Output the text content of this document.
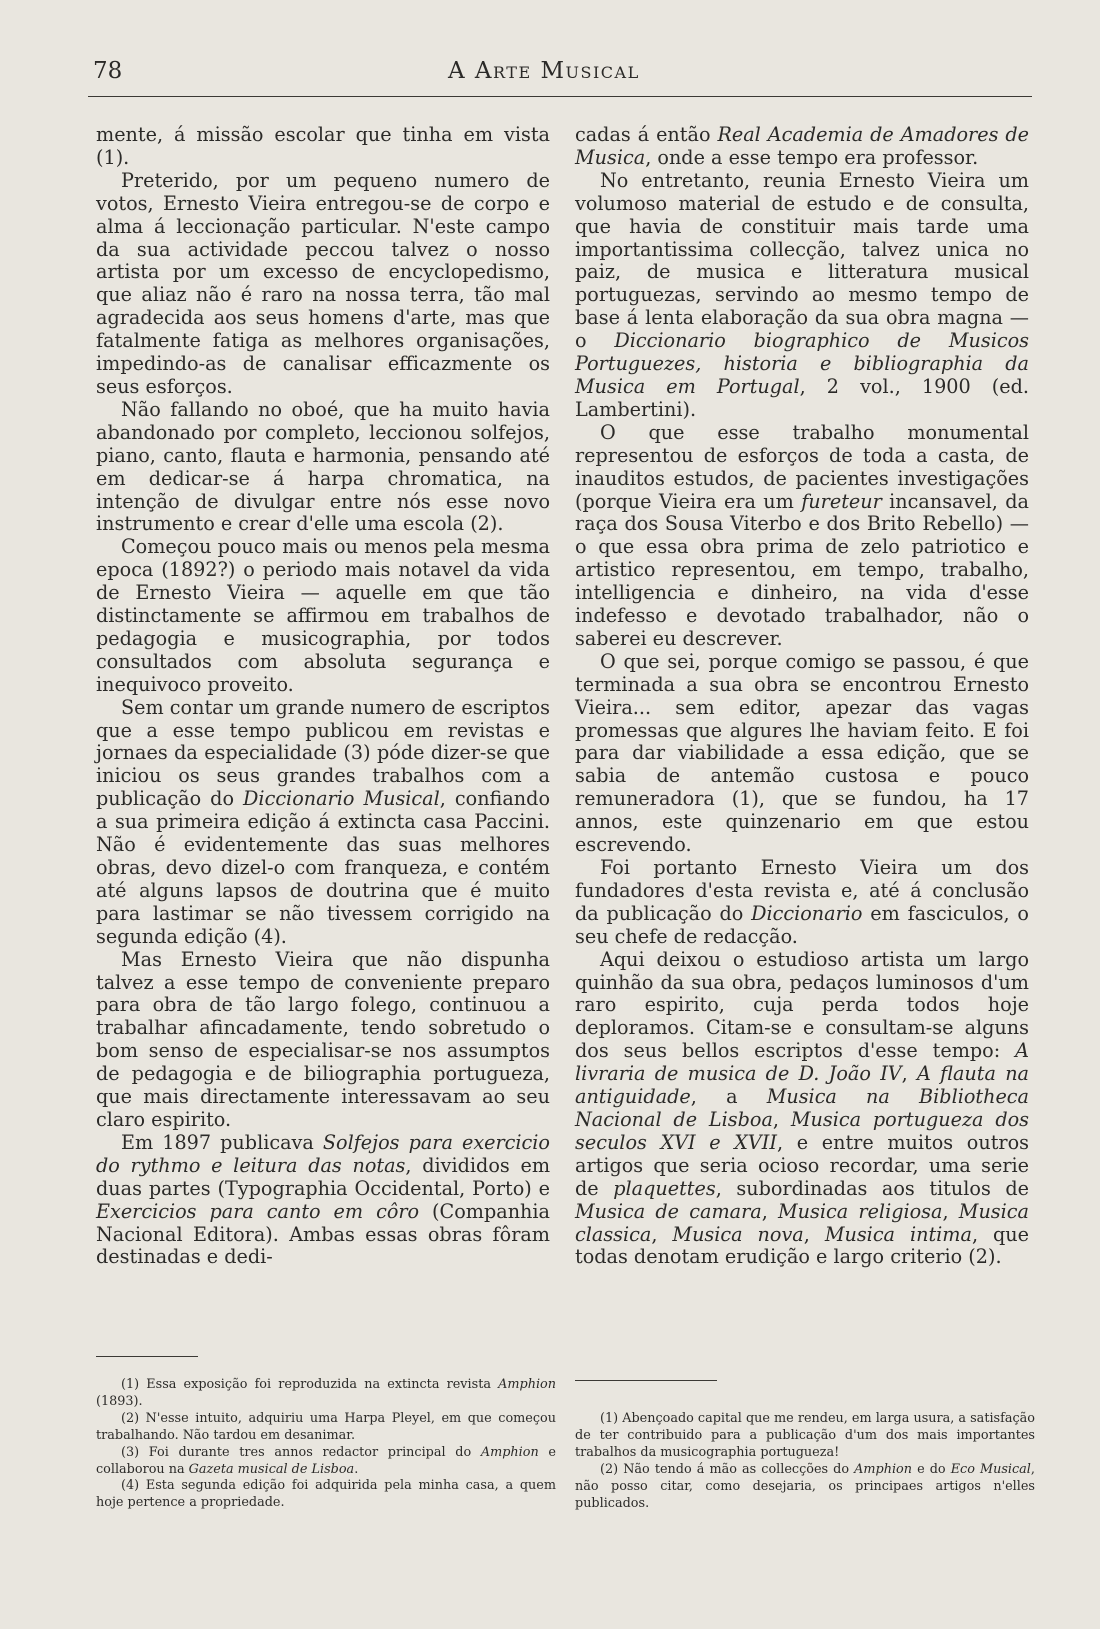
78	A Arte Musical

mente, á missão escolar que tinha em vista (1).

Preterido, por um pequeno numero de votos, Ernesto Vieira entregou-se de corpo e alma á leccionação particular. N'este campo da sua actividade peccou talvez o nosso artista por um excesso de encyclopedismo, que aliaz não é raro na nossa terra, tão mal agradecida aos seus homens d'arte, mas que fatalmente fatiga as melhores organisações, impedindo-as de canalisar efficazmente os seus esforços.

Não fallando no oboé, que ha muito havia abandonado por completo, leccionou solfejos, piano, canto, flauta e harmonia, pensando até em dedicar-se á harpa chromatica, na intenção de divulgar entre nós esse novo instrumento e crear d'elle uma escola (2).

Começou pouco mais ou menos pela mesma epoca (1892?) o periodo mais notavel da vida de Ernesto Vieira — aquelle em que tão distinctamente se affirmou em trabalhos de pedagogia e musicographia, por todos consultados com absoluta segurança e inequivoco proveito.

Sem contar um grande numero de escriptos que a esse tempo publicou em revistas e jornaes da especialidade (3) póde dizer-se que iniciou os seus grandes trabalhos com a publicação do Diccionario Musical, confiando a sua primeira edição á extincta casa Paccini. Não é evidentemente das suas melhores obras, devo dizel-o com franqueza, e contém até alguns lapsos de doutrina que é muito para lastimar se não tivessem corrigido na segunda edição (4).

Mas Ernesto Vieira que não dispunha talvez a esse tempo de conveniente preparo para obra de tão largo folego, continuou a trabalhar afincadamente, tendo sobretudo o bom senso de especialisar-se nos assumptos de pedagogia e de biliographia portugueza, que mais directamente interessavam ao seu claro espirito.

Em 1897 publicava Solfejos para exercicio do rythmo e leitura das notas, divididos em duas partes (Typographia Occidental, Porto) e Exercicios para canto em côro (Companhia Nacional Editora). Ambas essas obras fôram destinadas e dedi-

cadas á então Real Academia de Amadores de Musica, onde a esse tempo era professor.

No entretanto, reunia Ernesto Vieira um volumoso material de estudo e de consulta, que havia de constituir mais tarde uma importantissima collecção, talvez unica no paiz, de musica e litteratura musical portuguezas, servindo ao mesmo tempo de base á lenta elaboração da sua obra magna — o Diccionario biographico de Musicos Portuguezes, historia e bibliographia da Musica em Portugal, 2 vol., 1900 (ed. Lambertini).

O que esse trabalho monumental representou de esforços de toda a casta, de inauditos estudos, de pacientes investigações (porque Vieira era um fureteur incansavel, da raça dos Sousa Viterbo e dos Brito Rebello) — o que essa obra prima de zelo patriotico e artistico representou, em tempo, trabalho, intelligencia e dinheiro, na vida d'esse indefesso e devotado trabalhador, não o saberei eu descrever.

O que sei, porque comigo se passou, é que terminada a sua obra se encontrou Ernesto Vieira... sem editor, apezar das vagas promessas que algures lhe haviam feito. E foi para dar viabilidade a essa edição, que se sabia de antemão custosa e pouco remuneradora (1), que se fundou, ha 17 annos, este quinzenario em que estou escrevendo.

Foi portanto Ernesto Vieira um dos fundadores d'esta revista e, até á conclusão da publicação do Diccionario em fasciculos, o seu chefe de redacção.

Aqui deixou o estudioso artista um largo quinhão da sua obra, pedaços luminosos d'um raro espirito, cuja perda todos hoje deploramos. Citam-se e consultam-se alguns dos seus bellos escriptos d'esse tempo: A livraria de musica de D. João IV, A flauta na antiguidade, a Musica na Bibliotheca Nacional de Lisboa, Musica portugueza dos seculos XVI e XVII, e entre muitos outros artigos que seria ocioso recordar, uma serie de plaquettes, subordinadas aos titulos de Musica de camara, Musica religiosa, Musica classica, Musica nova, Musica intima, que todas denotam erudição e largo criterio (2).

(1) Essa exposição foi reproduzida na extincta revista Amphion (1893).

(2) N'esse intuito, adquiriu uma Harpa Pleyel, em que começou trabalhando. Não tardou em desanimar.

(3) Foi durante tres annos redactor principal do Amphion e collaborou na Gazeta musical de Lisboa.

(4) Esta segunda edição foi adquirida pela minha casa, a quem hoje pertence a propriedade.

(1) Abençoado capital que me rendeu, em larga usura, a satisfação de ter contribuido para a publicação d'um dos mais importantes trabalhos da musicographia portugueza!

(2) Não tendo á mão as collecções do Amphion e do Eco Musical, não posso citar, como desejaria, os principaes artigos n'elles publicados.
